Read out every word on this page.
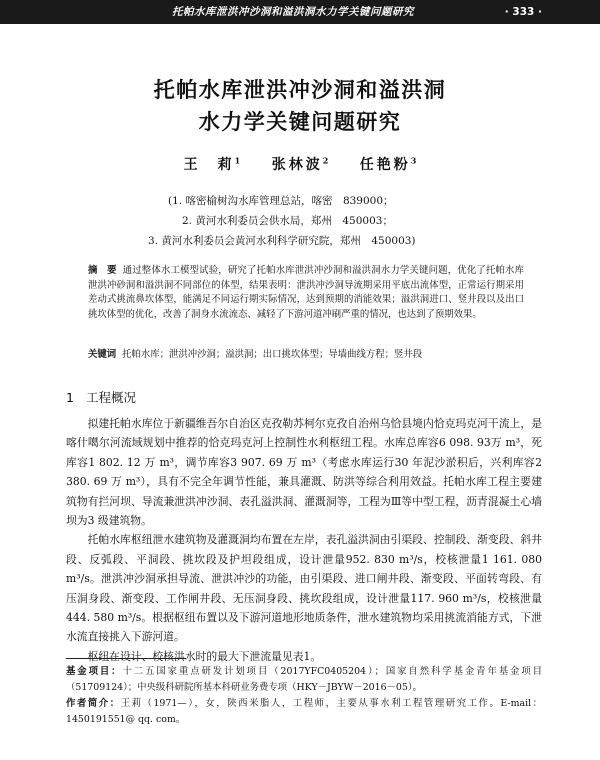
托帕水库泄洪冲沙洞和溢洪洞水力学关键问题研究	· 333 ·
托帕水库泄洪冲沙洞和溢洪洞
水力学关键问题研究
王　莉$^1$ 张林波$^2$ 任艳粉$^3$
(1. 喀密榆树沟水库管理总站，喀密　839000；
2. 黄河水利委员会供水局，郑州　450003；
3. 黄河水利委员会黄河水利科学研究院，郑州　450003)
摘　要 通过整体水工模型试验，研究了托帕水库泄洪冲沙洞和溢洪洞水力学关键问题，优化了托帕水库泄洪冲砂洞和溢洪洞不同部位的体型，结果表明：泄洪冲沙洞导流期采用平底出流体型，正常运行期采用差动式挑流鼻坎体型，能满足不同运行期实际情况，达到预期的消能效果；溢洪洞进口、竖井段以及出口挑坎体型的优化，改善了洞身水流流态、减轻了下游河道冲刷严重的情况，也达到了预期效果。
关键词 托帕水库；泄洪冲沙洞；溢洪洞；出口挑坎体型；导墙曲线方程；竖井段
1 工程概况

拟建托帕水库位于新疆维吾尔自治区克孜勒苏柯尔克孜自治州乌恰县境内恰克玛克河干流上，是喀什噶尔河流域规划中推荐的恰克玛克河上控制性水利枢纽工程。水库总库容6 098. 93万 m³，死库容1 802. 12 万 m³，调节库容3 907. 69 万 m³（考虑水库运行30 年泥沙淤积后，兴利库容2 380. 69 万 m³），具有不完全年调节性能，兼具灌溉、防洪等综合利用效益。托帕水库工程主要建筑物有拦河坝、导流兼泄洪冲沙洞、表孔溢洪洞、灌溉洞等，工程为Ⅲ等中型工程，沥青混凝土心墙坝为3 级建筑物。

托帕水库枢纽泄水建筑物及灌溉洞均布置在左岸，表孔溢洪洞由引渠段、控制段、渐变段、斜井段、反弧段、平洞段、挑坎段及护坦段组成，设计泄量952. 830 m³/s，校核泄量1 161. 080 m³/s。泄洪冲沙洞承担导流、泄洪冲沙的功能，由引渠段、进口闸井段、渐变段、平面转弯段、有压洞身段、渐变段、工作闸井段、无压洞身段、挑坎段组成，设计泄量117. 960 m³/s，校核泄量444. 580 m³/s。根据枢纽布置以及下游河道地形地质条件，泄水建筑物均采用挑流消能方式，下泄水流直接挑入下游河道。

枢纽在设计、校核洪水时的最大下泄流量见表1。

基金项目：十二五国家重点研发计划项目（2017YFC0405204）；国家自然科学基金青年基金项目（51709124）；中央级科研院所基本科研业务费专项（HKY－JBYW－2016－05）。
作者简介：王莉（1971—），女，陕西米脂人，工程师，主要从事水利工程管理研究工作。E-mail：1450191551@ qq. com。
